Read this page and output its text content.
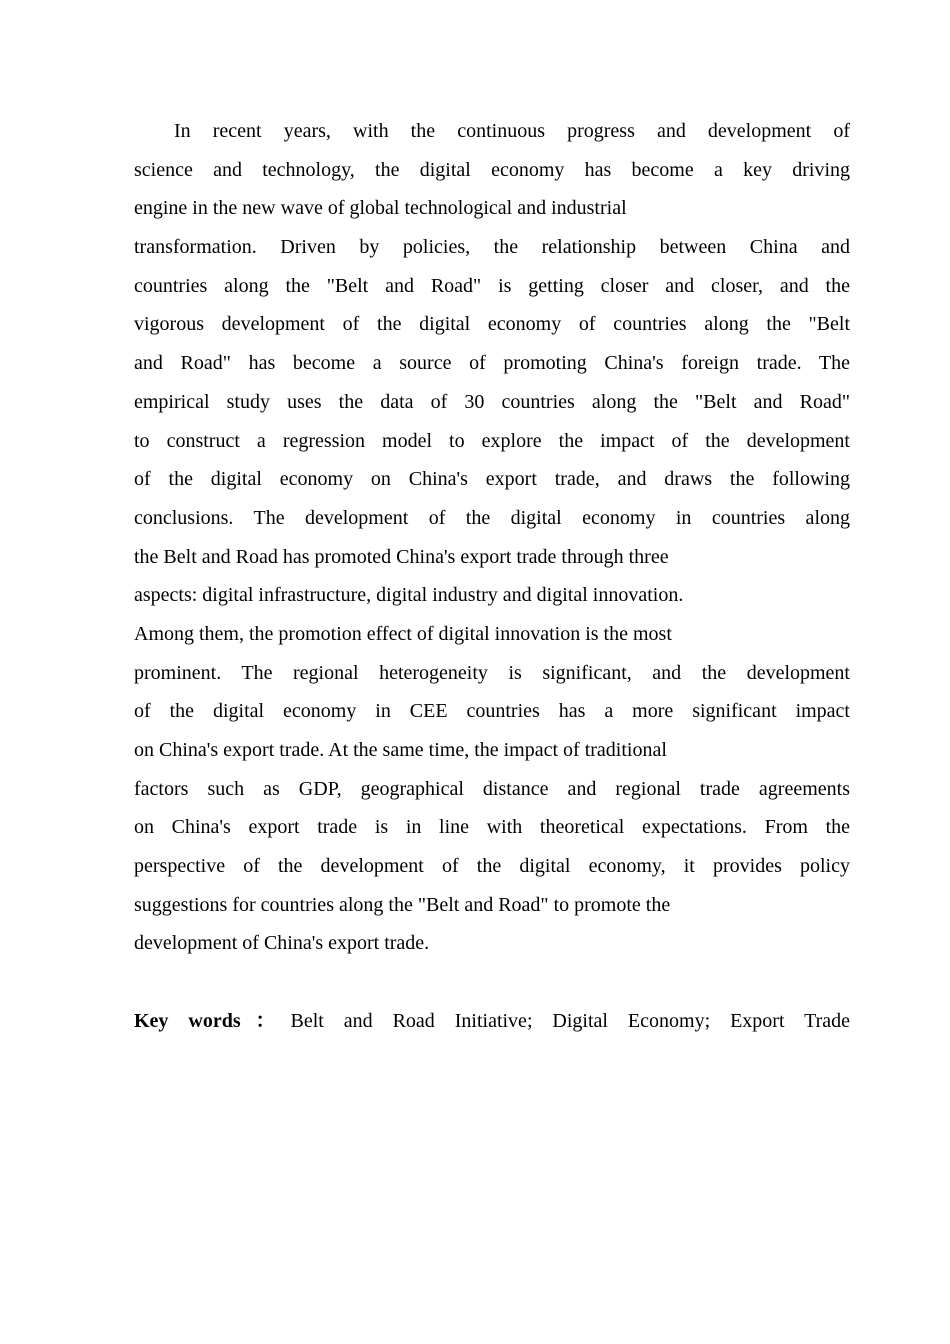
In recent years, with the continuous progress and development of
science and technology, the digital economy has become a key driving
engine in the new wave of global technological and industrial
transformation. Driven by policies, the relationship between China and
countries along the "Belt and Road" is getting closer and closer, and the
vigorous development of the digital economy of countries along the "Belt
and Road" has become a source of promoting China's foreign trade. The
empirical study uses the data of 30 countries along the "Belt and Road"
to construct a regression model to explore the impact of the development
of the digital economy on China's export trade, and draws the following
conclusions. The development of the digital economy in countries along
the Belt and Road has promoted China's export trade through three
aspects: digital infrastructure, digital industry and digital innovation.
Among them, the promotion effect of digital innovation is the most
prominent. The regional heterogeneity is significant, and the development
of the digital economy in CEE countries has a more significant impact
on China's export trade. At the same time, the impact of traditional
factors such as GDP, geographical distance and regional trade agreements
on China's export trade is in line with theoretical expectations. From the
perspective of the development of the digital economy, it provides policy
suggestions for countries along the "Belt and Road" to promote the
development of China's export trade.
Key words：Belt and Road Initiative; Digital Economy; Export Trade
